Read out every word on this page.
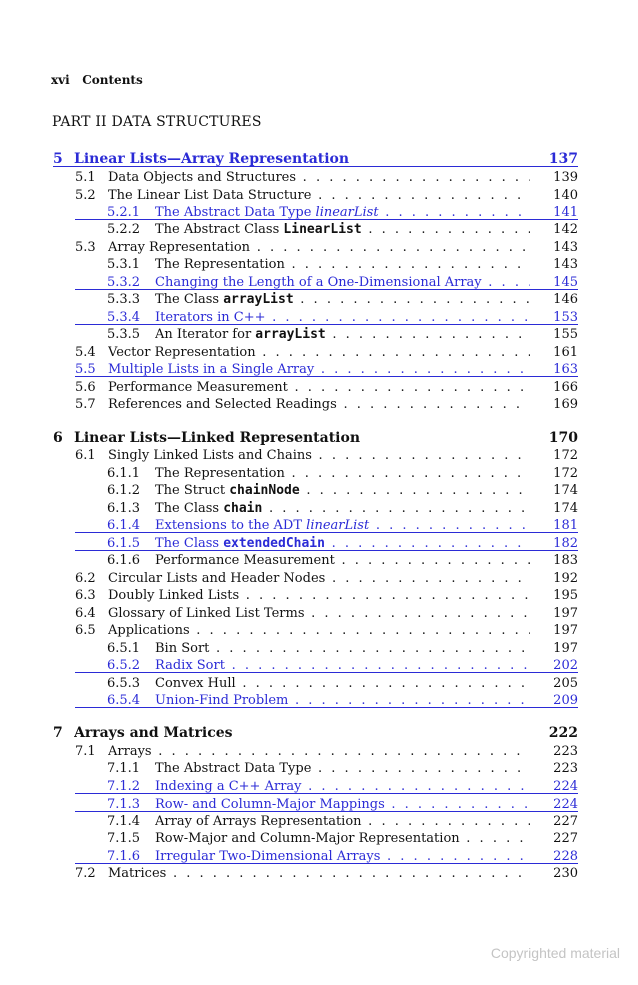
xvi Contents
PART II DATA STRUCTURES
5 Linear Lists—Array Representation	137
5.1 Data Objects and Structures . . .	139
5.2 The Linear List Data Structure . . .	140
5.2.1 The Abstract Data Type linearList . . .	141
5.2.2 The Abstract Class LinearList . . .	142
5.3 Array Representation . . .	143
5.3.1 The Representation . . .	143
5.3.2 Changing the Length of a One-Dimensional Array . . .	145
5.3.3 The Class arrayList . . .	146
5.3.4 Iterators in C++ . . .	153
5.3.5 An Iterator for arrayList . . .	155
5.4 Vector Representation . . .	161
5.5 Multiple Lists in a Single Array . . .	163
5.6 Performance Measurement . . .	166
5.7 References and Selected Readings . . .	169
6 Linear Lists—Linked Representation	170
6.1 Singly Linked Lists and Chains . . .	172
6.1.1 The Representation . . .	172
6.1.2 The Struct chainNode . . .	174
6.1.3 The Class chain . . .	174
6.1.4 Extensions to the ADT linearList . . .	181
6.1.5 The Class extendedChain . . .	182
6.1.6 Performance Measurement . . .	183
6.2 Circular Lists and Header Nodes . . .	192
6.3 Doubly Linked Lists . . .	195
6.4 Glossary of Linked List Terms . . .	197
6.5 Applications . . .	197
6.5.1 Bin Sort . . .	197
6.5.2 Radix Sort . . .	202
6.5.3 Convex Hull . . .	205
6.5.4 Union-Find Problem . . .	209
7 Arrays and Matrices	222
7.1 Arrays . . .	223
7.1.1 The Abstract Data Type . . .	223
7.1.2 Indexing a C++ Array . . .	224
7.1.3 Row- and Column-Major Mappings . . .	224
7.1.4 Array of Arrays Representation . . .	227
7.1.5 Row-Major and Column-Major Representation . . .	227
7.1.6 Irregular Two-Dimensional Arrays . . .	228
7.2 Matrices . . .	230
Copyrighted material
